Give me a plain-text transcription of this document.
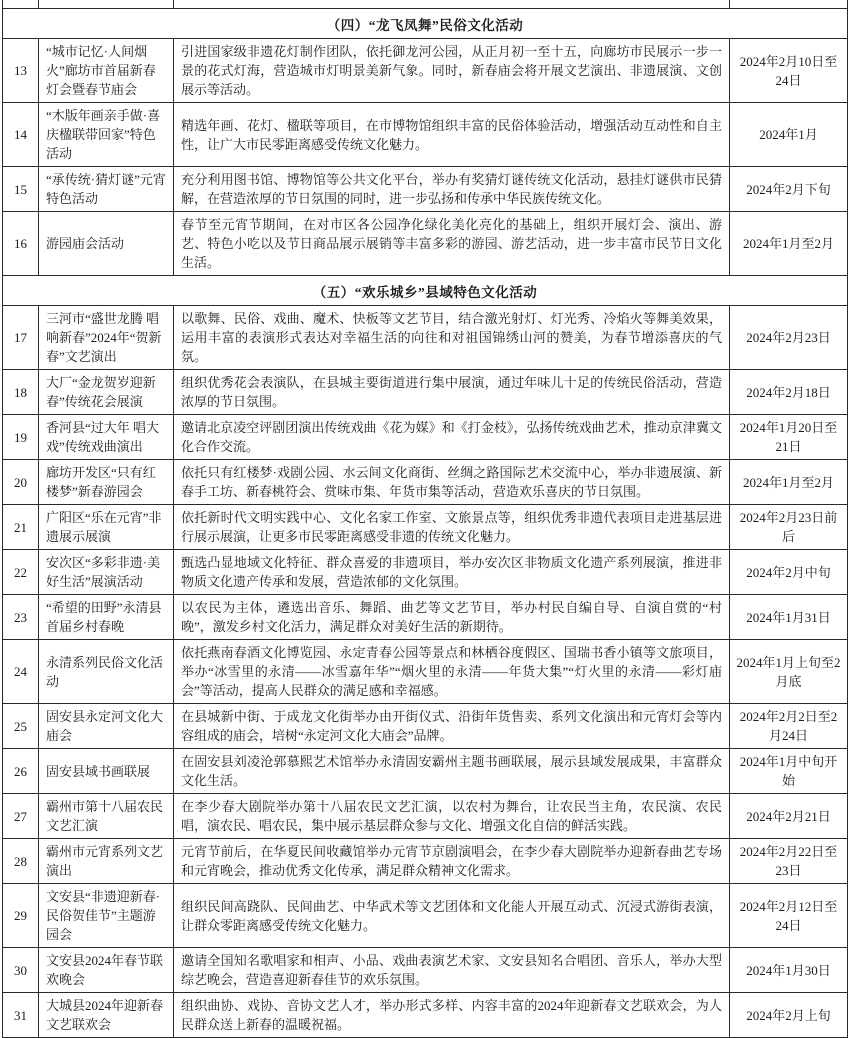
（四）“龙飞凤舞”民俗文化活动
13
“城市记忆·人间烟火”廊坊市首届新春灯会暨春节庙会
引进国家级非遗花灯制作团队，依托御龙河公园，从正月初一至十五，向廊坊市民展示一步一景的花式灯海，营造城市灯明景美新气象。同时，新春庙会将开展文艺演出、非遗展演、文创展示等活动。
2024年2月10日至24日
14
“木版年画亲手做·喜庆楹联带回家”特色活动
精选年画、花灯、楹联等项目，在市博物馆组织丰富的民俗体验活动，增强活动互动性和自主性，让广大市民零距离感受传统文化魅力。
2024年1月
15
“承传统·猜灯谜”元宵特色活动
充分利用图书馆、博物馆等公共文化平台，举办有奖猜灯谜传统文化活动，悬挂灯谜供市民猜解，在营造浓厚的节日氛围的同时，进一步弘扬和传承中华民族传统文化。
2024年2月下旬
16 游园庙会活动
春节至元宵节期间，在对市区各公园净化绿化美化亮化的基础上，组织开展灯会、演出、游艺、特色小吃以及节日商品展示展销等丰富多彩的游园、游艺活动，进一步丰富市民节日文化生活。
2024年1月至2月
（五）“欢乐城乡”县域特色文化活动
17
三河市“盛世龙腾 唱响新春”2024年“贺新春”文艺演出
以歌舞、民俗、戏曲、魔术、快板等文艺节目，结合激光射灯、灯光秀、冷焰火等舞美效果，运用丰富的表演形式表达对幸福生活的向往和对祖国锦绣山河的赞美，为春节增添喜庆的气氛。
2024年2月23日
18
大厂“金龙贺岁迎新春”传统花会展演
组织优秀花会表演队，在县城主要街道进行集中展演，通过年味儿十足的传统民俗活动，营造浓厚的节日氛围。
2024年2月18日
19
香河县“过大年 唱大戏”传统戏曲演出
邀请北京凌空评剧团演出传统戏曲《花为媒》和《打金枝》，弘扬传统戏曲艺术，推动京津冀文化合作交流。
2024年1月20日至21日
20
廊坊开发区“只有红楼梦”新春游园会
依托只有红楼梦·戏剧公园、水云间文化商街、丝绸之路国际艺术交流中心，举办非遗展演、新春手工坊、新春桃符会、赏味市集、年货市集等活动，营造欢乐喜庆的节日氛围。
2024年1月至2月
21
广阳区“乐在元宵”非遗展示展演
依托新时代文明实践中心、文化名家工作室、文旅景点等，组织优秀非遗代表项目走进基层进行展示展演，让更多市民零距离感受非遗的传统文化魅力。
2024年2月23日前后
22
安次区“多彩非遗·美好生活”展演活动
甄选凸显地域文化特征、群众喜爱的非遗项目，举办安次区非物质文化遗产系列展演，推进非物质文化遗产传承和发展，营造浓郁的文化氛围。
2024年2月中旬
23
“希望的田野”永清县首届乡村春晚
以农民为主体，遴选出音乐、舞蹈、曲艺等文艺节目，举办村民自编自导、自演自赏的“村晚”，激发乡村文化活力，满足群众对美好生活的新期待。
2024年1月31日
24
永清系列民俗文化活动
依托燕南春酒文化博览园、永定青春公园等景点和林栖谷度假区、国瑞书香小镇等文旅项目，举办“冰雪里的永清——冰雪嘉年华”“烟火里的永清——年货大集”“灯火里的永清——彩灯庙会”等活动，提高人民群众的满足感和幸福感。
2024年1月上旬至2月底
25
固安县永定河文化大庙会
在县城新中街、于成龙文化街举办由开街仪式、沿街年货售卖、系列文化演出和元宵灯会等内容组成的庙会，培树“永定河文化大庙会”品牌。
2024年2月2日至2月24日
26 固安县域书画联展
在固安县刘凌沧郭慕熙艺术馆举办永清固安霸州主题书画联展，展示县域发展成果，丰富群众文化生活。
2024年1月中旬开始
27
霸州市第十八届农民文艺汇演
在李少春大剧院举办第十八届农民文艺汇演，以农村为舞台，让农民当主角，农民演、农民唱，演农民、唱农民，集中展示基层群众参与文化、增强文化自信的鲜活实践。
2024年2月21日
28
霸州市元宵系列文艺演出
元宵节前后，在华夏民间收藏馆举办元宵节京剧演唱会，在李少春大剧院举办迎新春曲艺专场和元宵晚会，推动优秀文化传承，满足群众精神文化需求。
2024年2月22日至23日
29
文安县“非遗迎新春·民俗贺佳节”主题游园会
组织民间高跷队、民间曲艺、中华武术等文艺团体和文化能人开展互动式、沉浸式游街表演，让群众零距离感受传统文化魅力。
2024年2月12日至24日
30
文安县2024年春节联欢晚会
邀请全国知名歌唱家和相声、小品、戏曲表演艺术家、文安县知名合唱团、音乐人，举办大型综艺晚会，营造喜迎新春佳节的欢乐氛围。
2024年1月30日
31
大城县2024年迎新春文艺联欢会
组织曲协、戏协、音协文艺人才，举办形式多样、内容丰富的2024年迎新春文艺联欢会，为人民群众送上新春的温暖祝福。
2024年2月上旬
